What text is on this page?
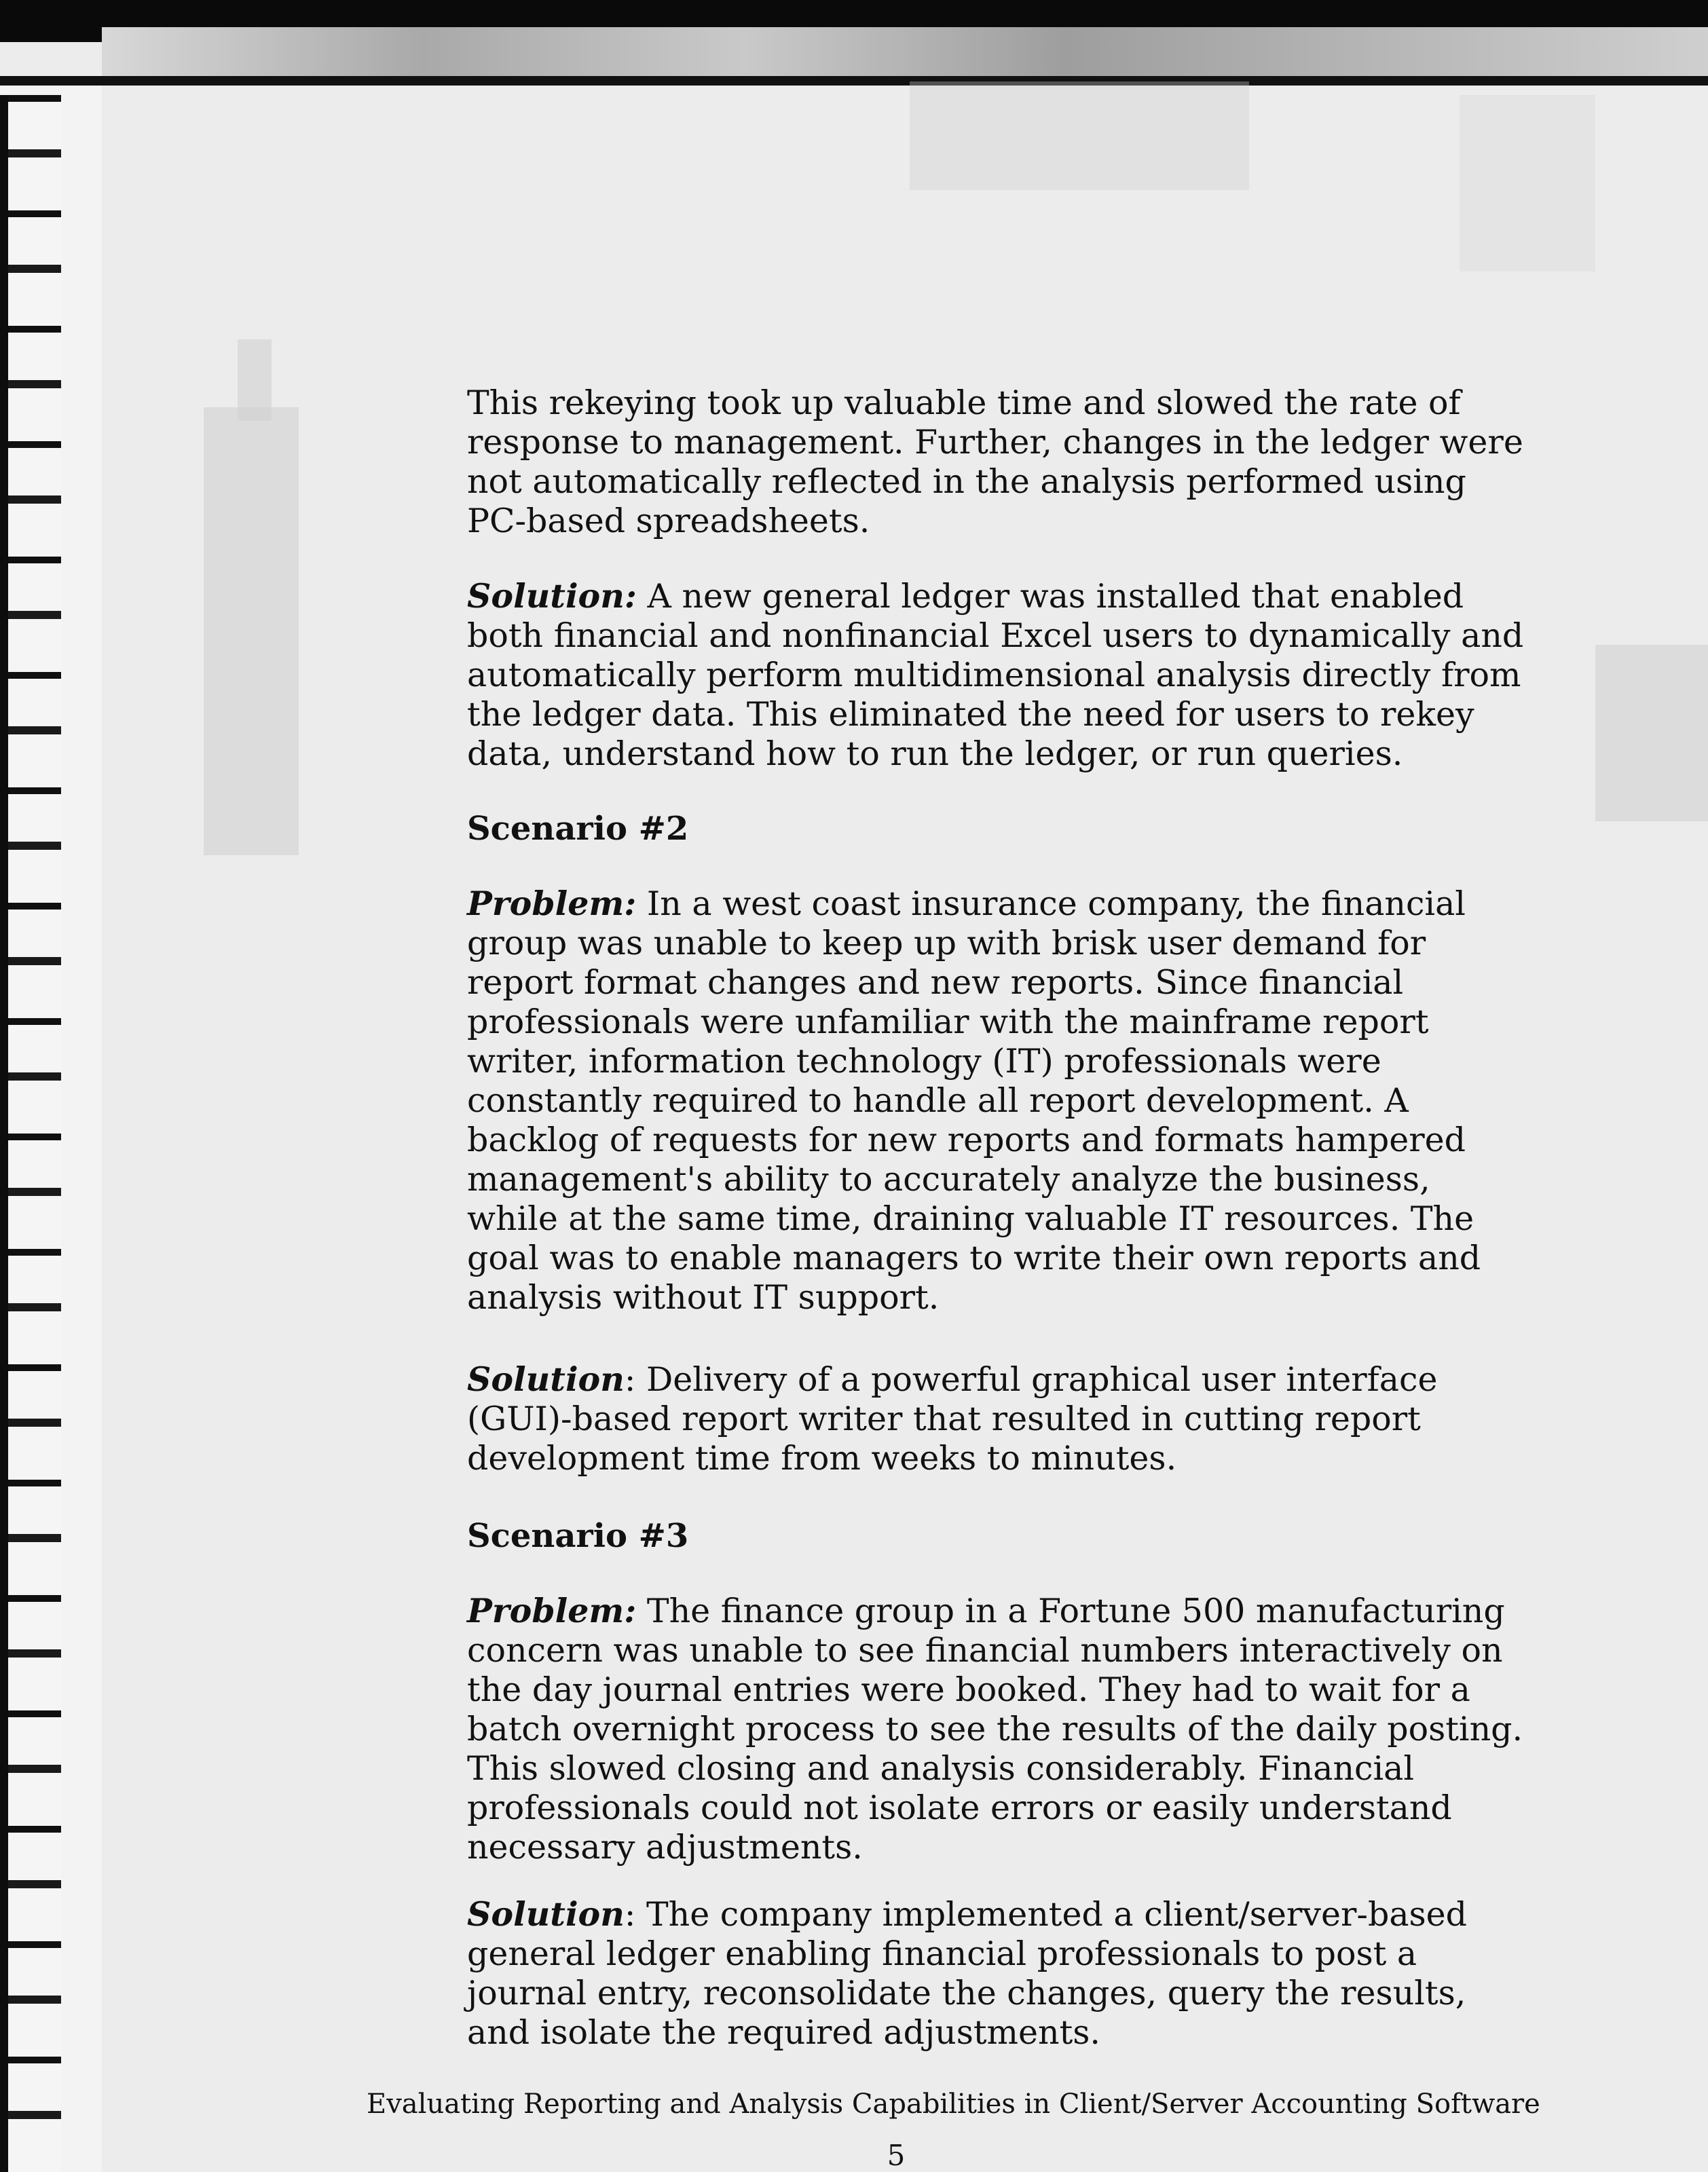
This rekeying took up valuable time and slowed the rate of response to management. Further, changes in the ledger were not automatically reflected in the analysis performed using PC-based spreadsheets.

Solution: A new general ledger was installed that enabled both financial and nonfinancial Excel users to dynamically and automatically perform multidimensional analysis directly from the ledger data. This eliminated the need for users to rekey data, understand how to run the ledger, or run queries.

Scenario #2

Problem: In a west coast insurance company, the financial group was unable to keep up with brisk user demand for report format changes and new reports. Since financial professionals were unfamiliar with the mainframe report writer, information technology (IT) professionals were constantly required to handle all report development. A backlog of requests for new reports and formats hampered management's ability to accurately analyze the business, while at the same time, draining valuable IT resources. The goal was to enable managers to write their own reports and analysis without IT support.

Solution: Delivery of a powerful graphical user interface (GUI)-based report writer that resulted in cutting report development time from weeks to minutes.

Scenario #3

Problem: The finance group in a Fortune 500 manufacturing concern was unable to see financial numbers interactively on the day journal entries were booked. They had to wait for a batch overnight process to see the results of the daily posting. This slowed closing and analysis considerably. Financial professionals could not isolate errors or easily understand necessary adjustments.

Solution: The company implemented a client/server-based general ledger enabling financial professionals to post a journal entry, reconsolidate the changes, query the results, and isolate the required adjustments.

Evaluating Reporting and Analysis Capabilities in Client/Server Accounting Software
5
